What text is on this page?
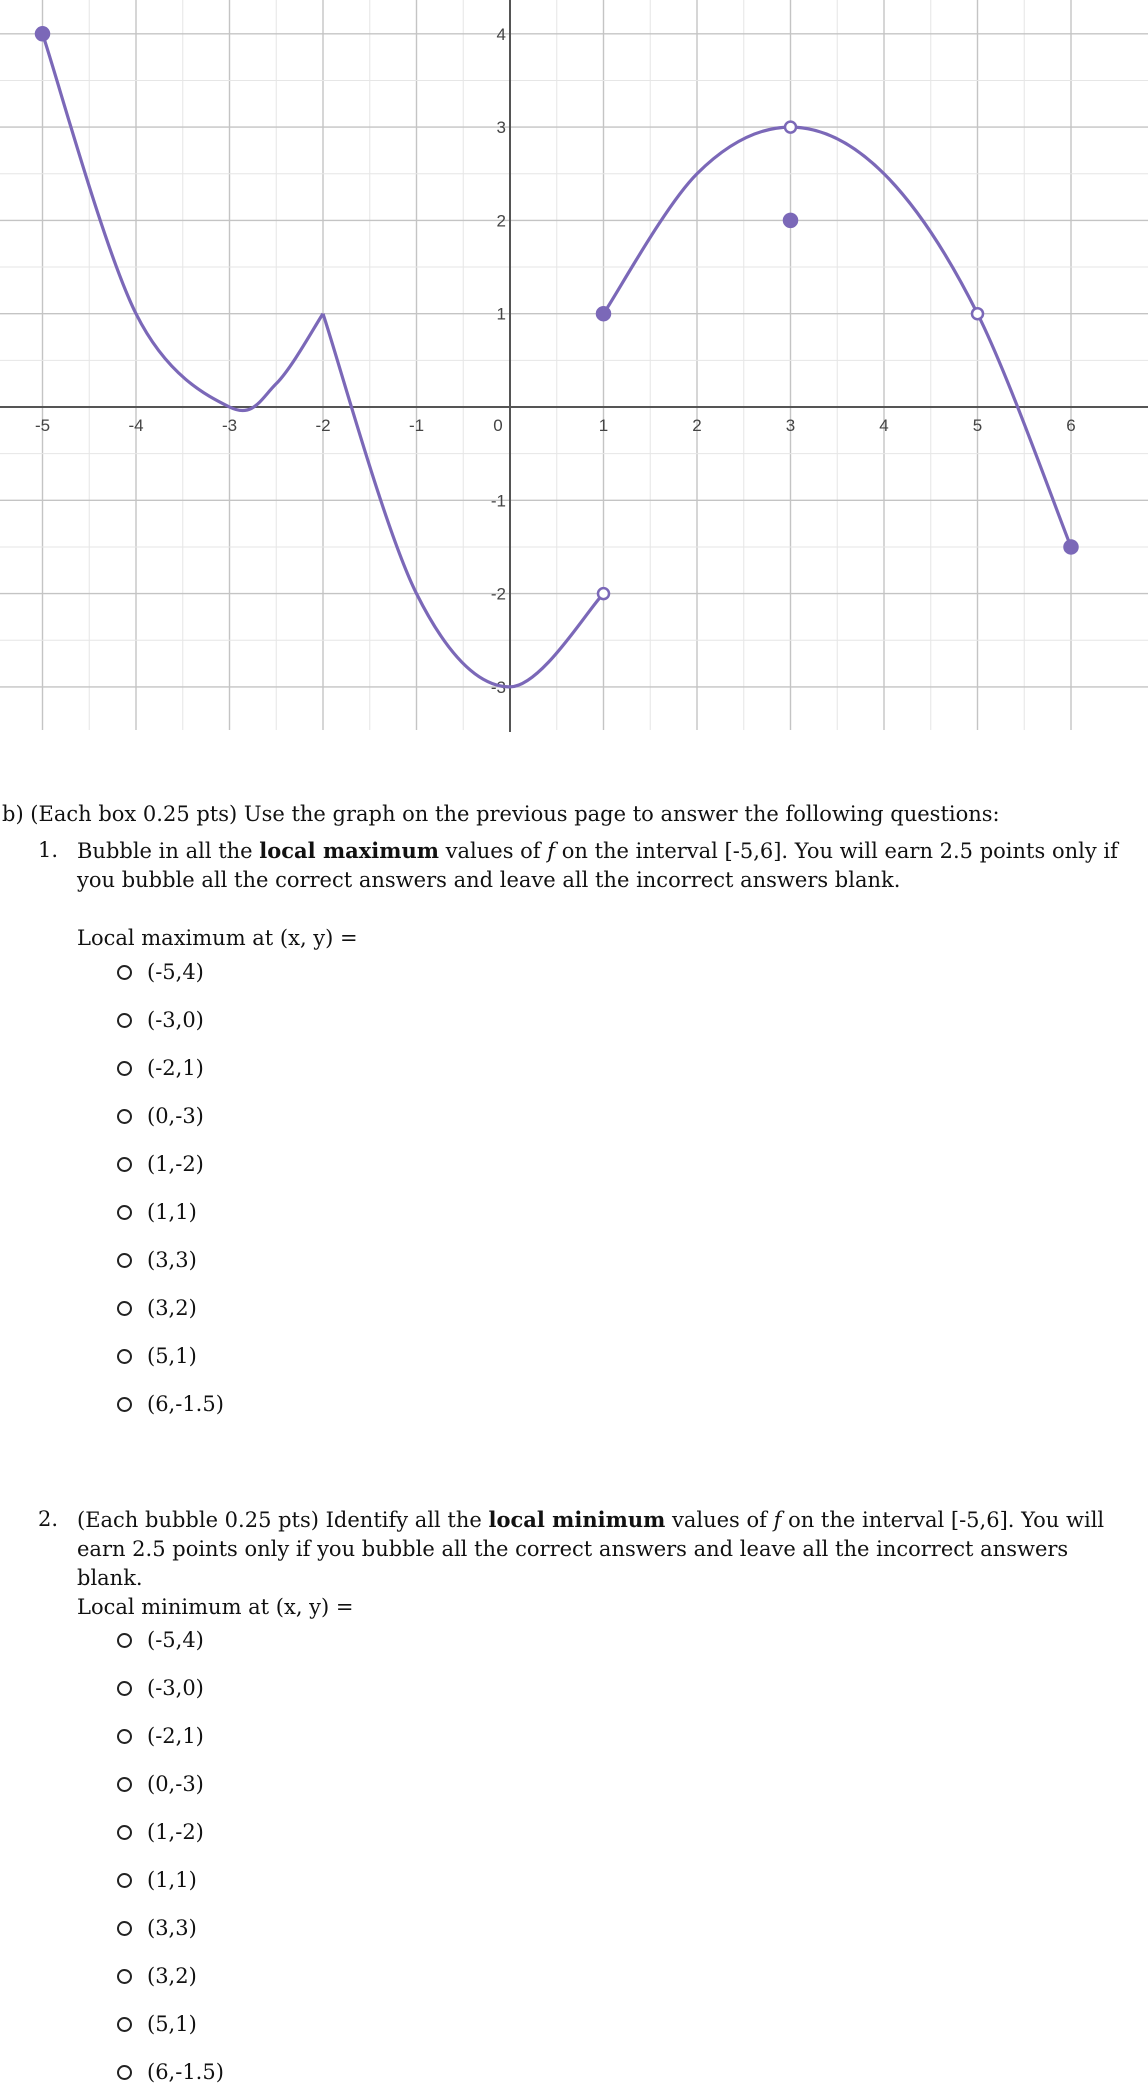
-5	-4	-3	-2	-1	0	1	2	3	4	5	6
4
3
2
1
-1
-2
-3
b) (Each box 0.25 pts) Use the graph on the previous page to answer the following questions:
1. Bubble in all the local maximum values of f on the interval [-5,6]. You will earn 2.5 points only if you bubble all the correct answers and leave all the incorrect answers blank.
Local maximum at (x, y) =
(-5,4)
(-3,0)
(-2,1)
(0,-3)
(1,-2)
(1,1)
(3,3)
(3,2)
(5,1)
(6,-1.5)
2. (Each bubble 0.25 pts) Identify all the local minimum values of f on the interval [-5,6]. You will earn 2.5 points only if you bubble all the correct answers and leave all the incorrect answers blank.
Local minimum at (x, y) =
(-5,4)
(-3,0)
(-2,1)
(0,-3)
(1,-2)
(1,1)
(3,3)
(3,2)
(5,1)
(6,-1.5)
